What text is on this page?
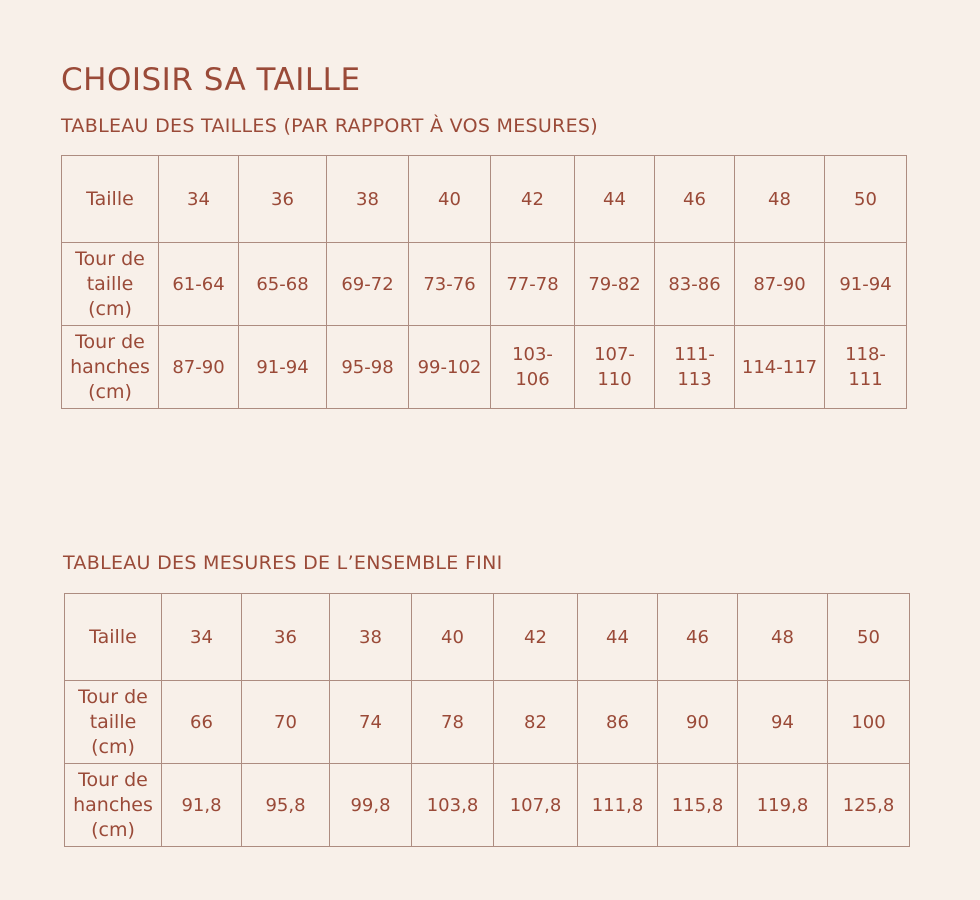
CHOISIR SA TAILLE
TABLEAU DES TAILLES (PAR RAPPORT À VOS MESURES)
Taille	34	36	38	40	42	44	46	48	50

Tour de taille (cm)	61-64	65-68	69-72	73-76	77-78	79-82	83-86	87-90	91-94

Tour de hanches (cm)	87-90	91-94	95-98	99-102	103-106	107-110	111-113	114-117	118-111
TABLEAU DES MESURES DE L’ENSEMBLE FINI
Taille	34	36	38	40	42	44	46	48	50

Tour de taille (cm)	66	70	74	78	82	86	90	94	100

Tour de hanches (cm)	91,8	95,8	99,8	103,8	107,8	111,8	115,8	119,8	125,8
